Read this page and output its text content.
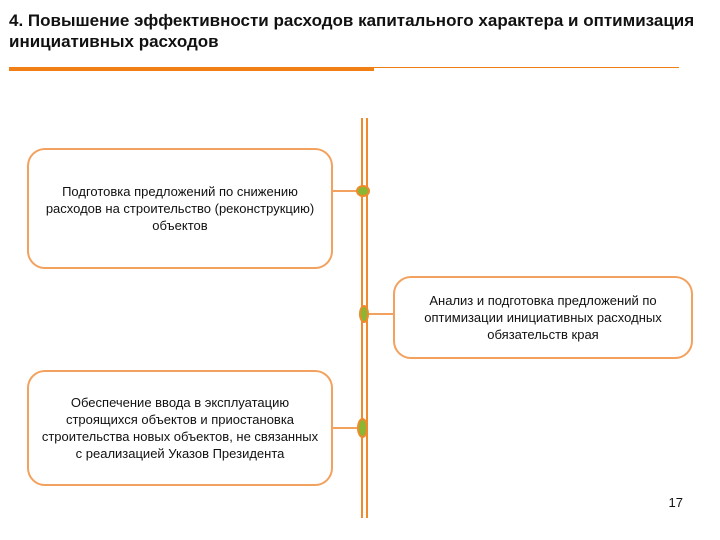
4. Повышение эффективности расходов капитального характера и оптимизация инициативных расходов
Подготовка предложений по снижению расходов на строительство (реконструкцию) объектов
Анализ и подготовка предложений по оптимизации инициативных расходных обязательств края
Обеспечение ввода в эксплуатацию строящихся объектов и приостановка строительства новых объектов, не связанных с реализацией Указов Президента
17
